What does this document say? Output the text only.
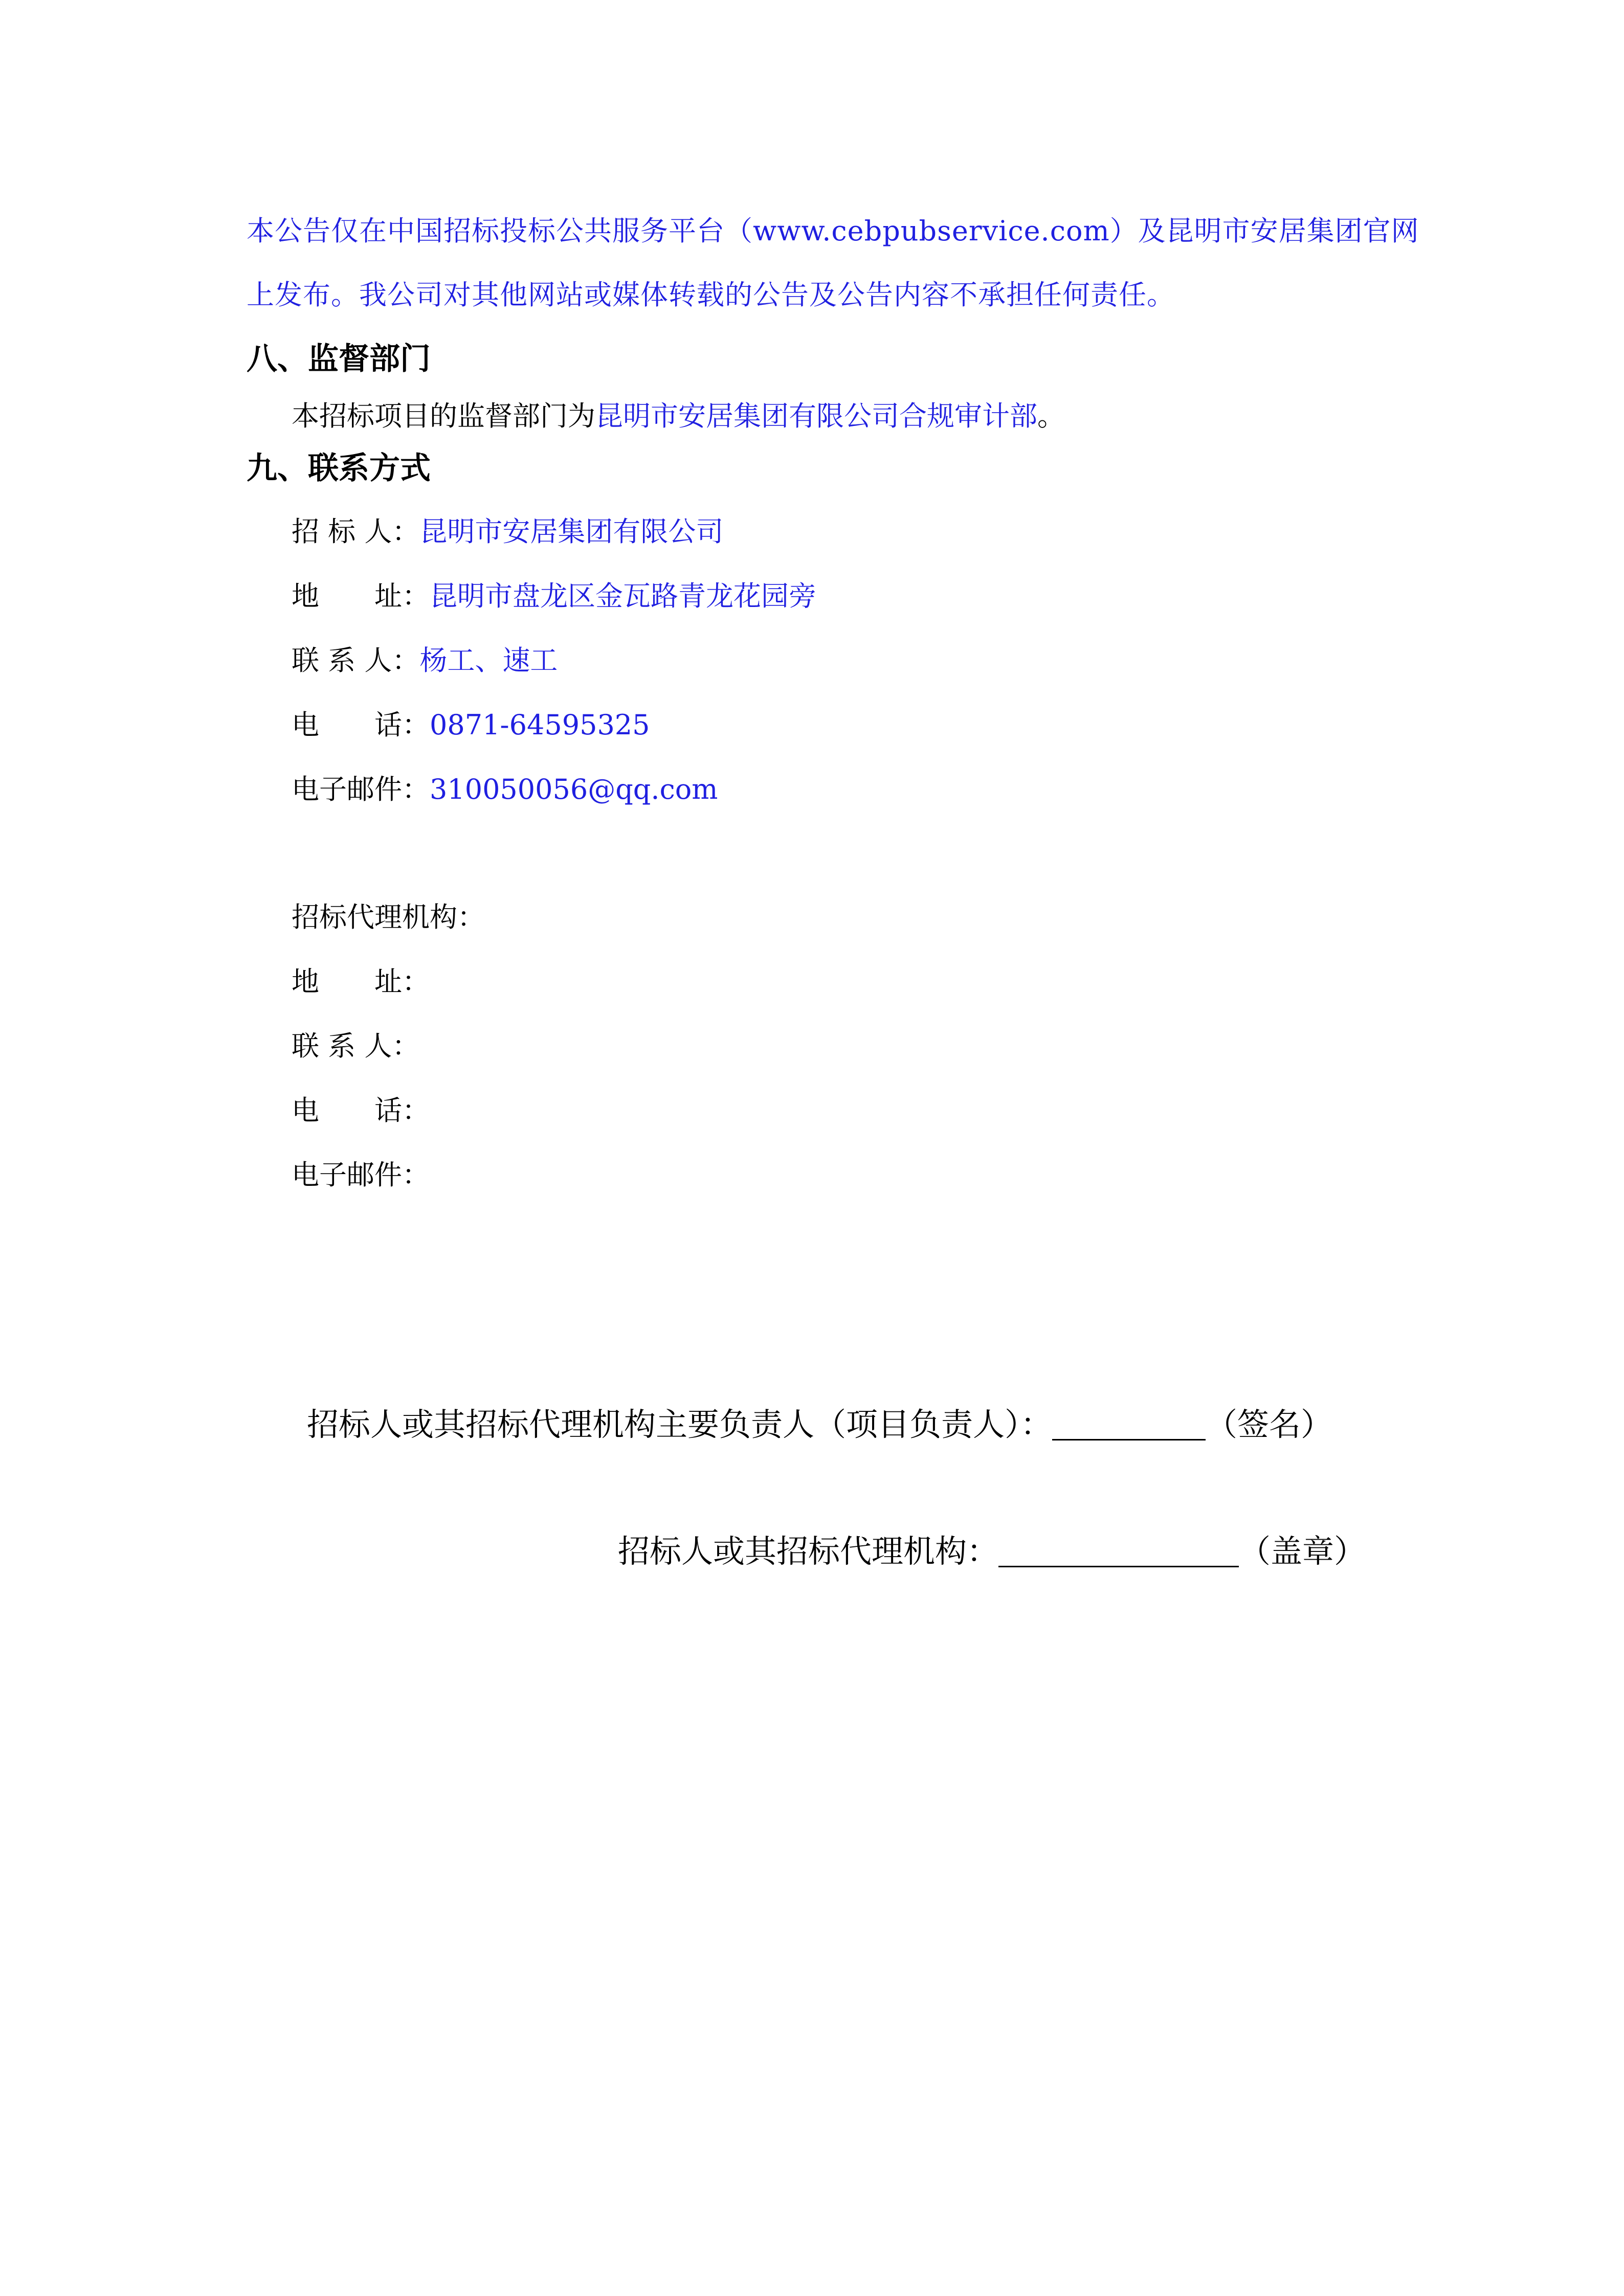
本公告仅在中国招标投标公共服务平台（www.cebpubservice.com）及昆明市安居集团官网
上发布。我公司对其他网站或媒体转载的公告及公告内容不承担任何责任。
八、监督部门
本招标项目的监督部门为昆明市安居集团有限公司合规审计部。
九、联系方式
招 标 人：昆明市安居集团有限公司
地　　址：昆明市盘龙区金瓦路青龙花园旁
联 系 人：杨工、速工
电　　话：0871-64595325
电子邮件：310050056@qq.com
招标代理机构：
地　　址：
联 系 人：
电　　话：
电子邮件：
招标人或其招标代理机构主要负责人（项目负责人）：	（签名）
招标人或其招标代理机构：	（盖章）
